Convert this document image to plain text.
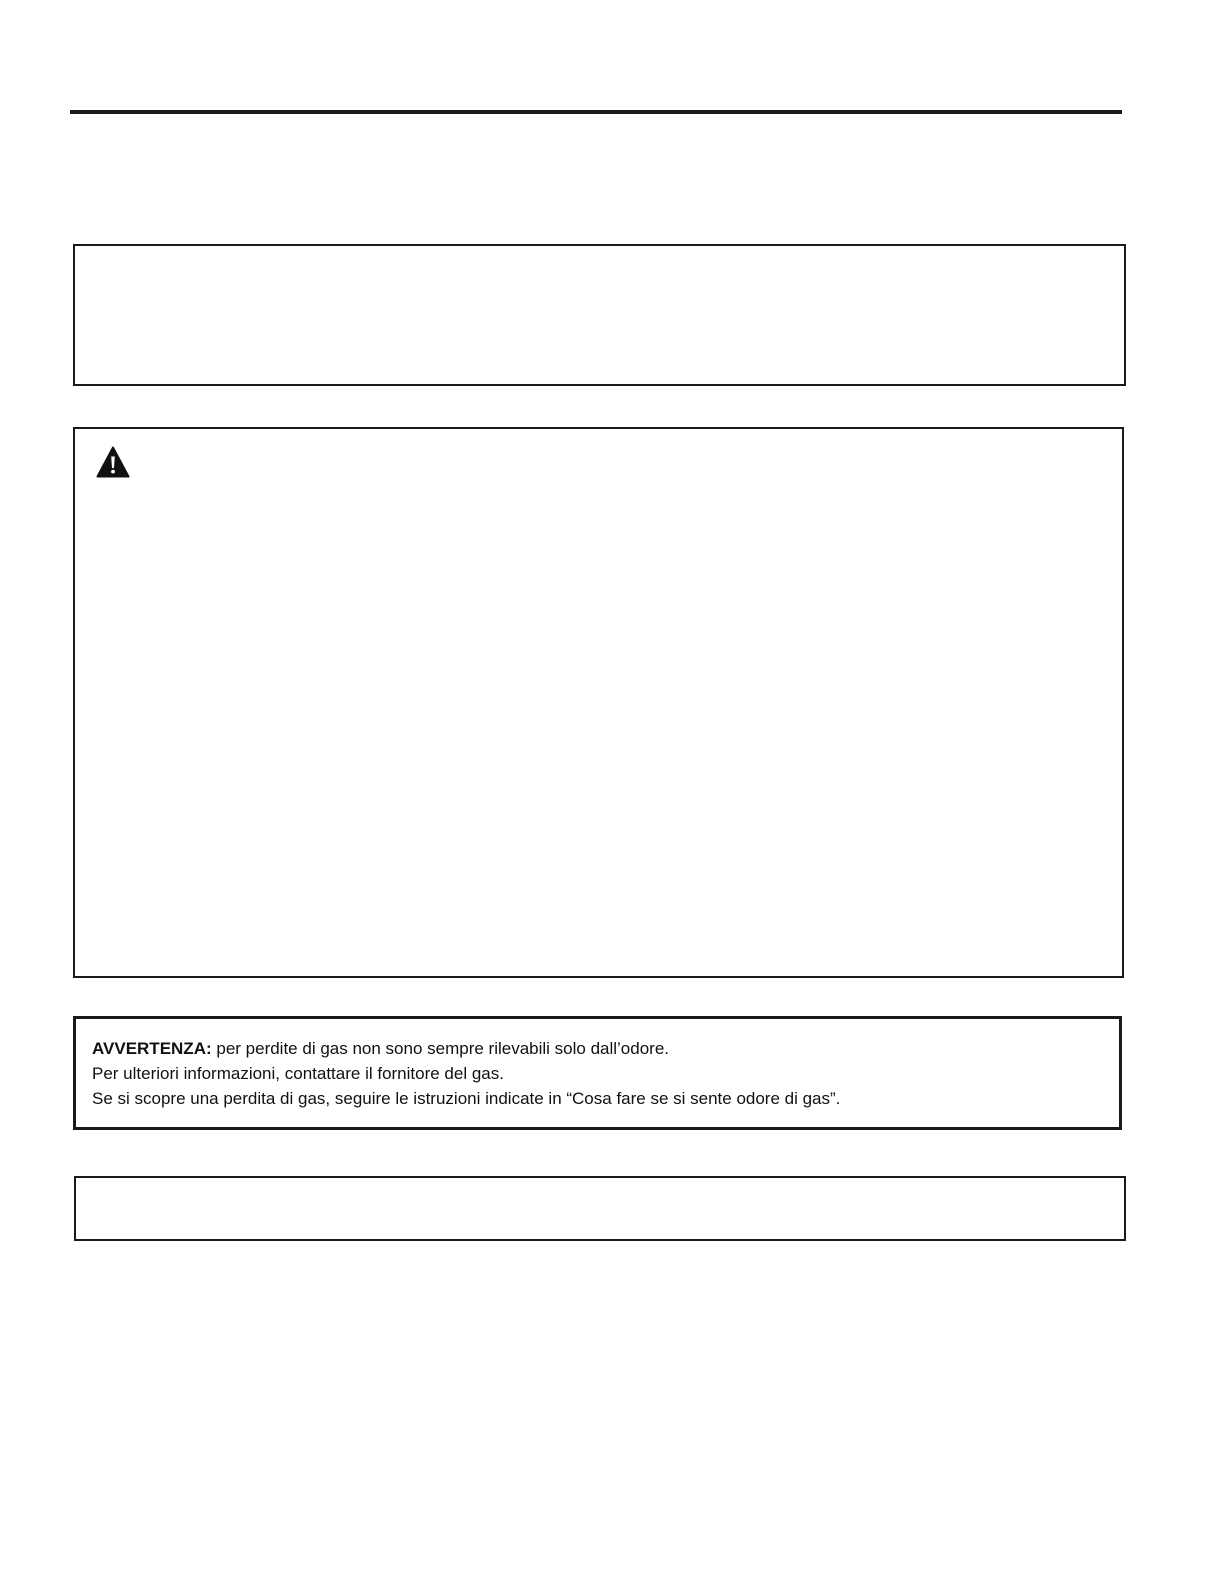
AVVERTENZA: per perdite di gas non sono sempre rilevabili solo dall’odore.

Per ulteriori informazioni, contattare il fornitore del gas.

Se si scopre una perdita di gas, seguire le istruzioni indicate in “Cosa fare se si sente odore di gas”.
